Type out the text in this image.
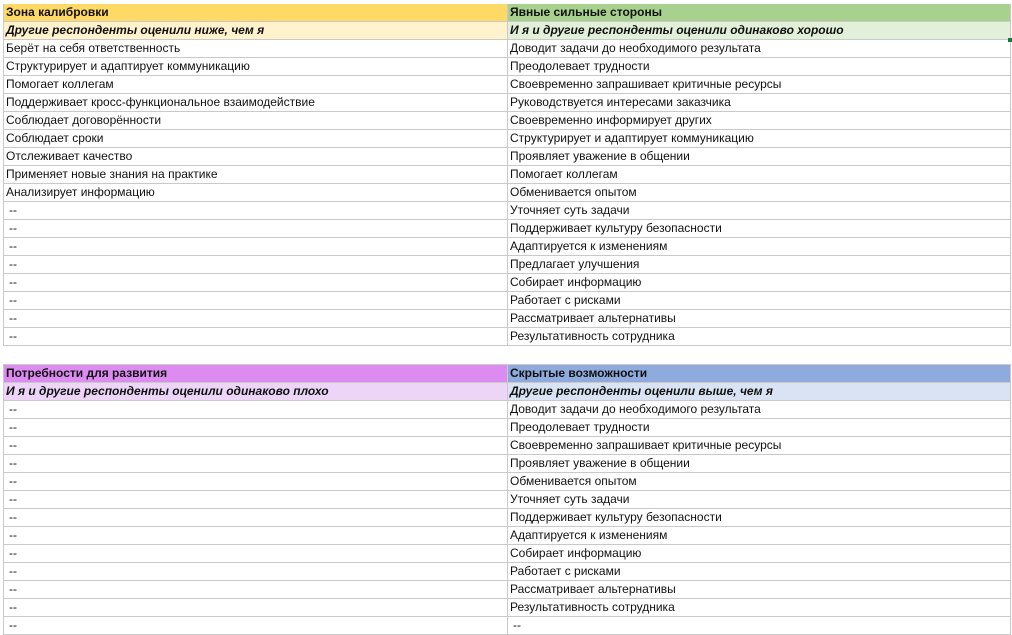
Зона калибровки	Явные сильные стороны
Другие респонденты оценили ниже, чем я	И я и другие респонденты оценили одинаково хорошо
Берёт на себя ответственность	Доводит задачи до необходимого результата
Структурирует и адаптирует коммуникацию	Преодолевает трудности
Помогает коллегам	Своевременно запрашивает критичные ресурсы
Поддерживает кросс-функциональное взаимодействие	Руководствуется интересами заказчика
Соблюдает договорённости	Своевременно информирует других
Соблюдает сроки	Структурирует и адаптирует коммуникацию
Отслеживает качество	Проявляет уважение в общении
Применяет новые знания на практике	Помогает коллегам
Анализирует информацию	Обменивается опытом
--	Уточняет суть задачи
--	Поддерживает культуру безопасности
--	Адаптируется к изменениям
--	Предлагает улучшения
--	Собирает информацию
--	Работает с рисками
--	Рассматривает альтернативы
--	Результативность сотрудника
Потребности для развития	Скрытые возможности
И я и другие респонденты оценили одинаково плохо	Другие респонденты оценили выше, чем я
--	Доводит задачи до необходимого результата
--	Преодолевает трудности
--	Своевременно запрашивает критичные ресурсы
--	Проявляет уважение в общении
--	Обменивается опытом
--	Уточняет суть задачи
--	Поддерживает культуру безопасности
--	Адаптируется к изменениям
--	Собирает информацию
--	Работает с рисками
--	Рассматривает альтернативы
--	Результативность сотрудника
--	--
